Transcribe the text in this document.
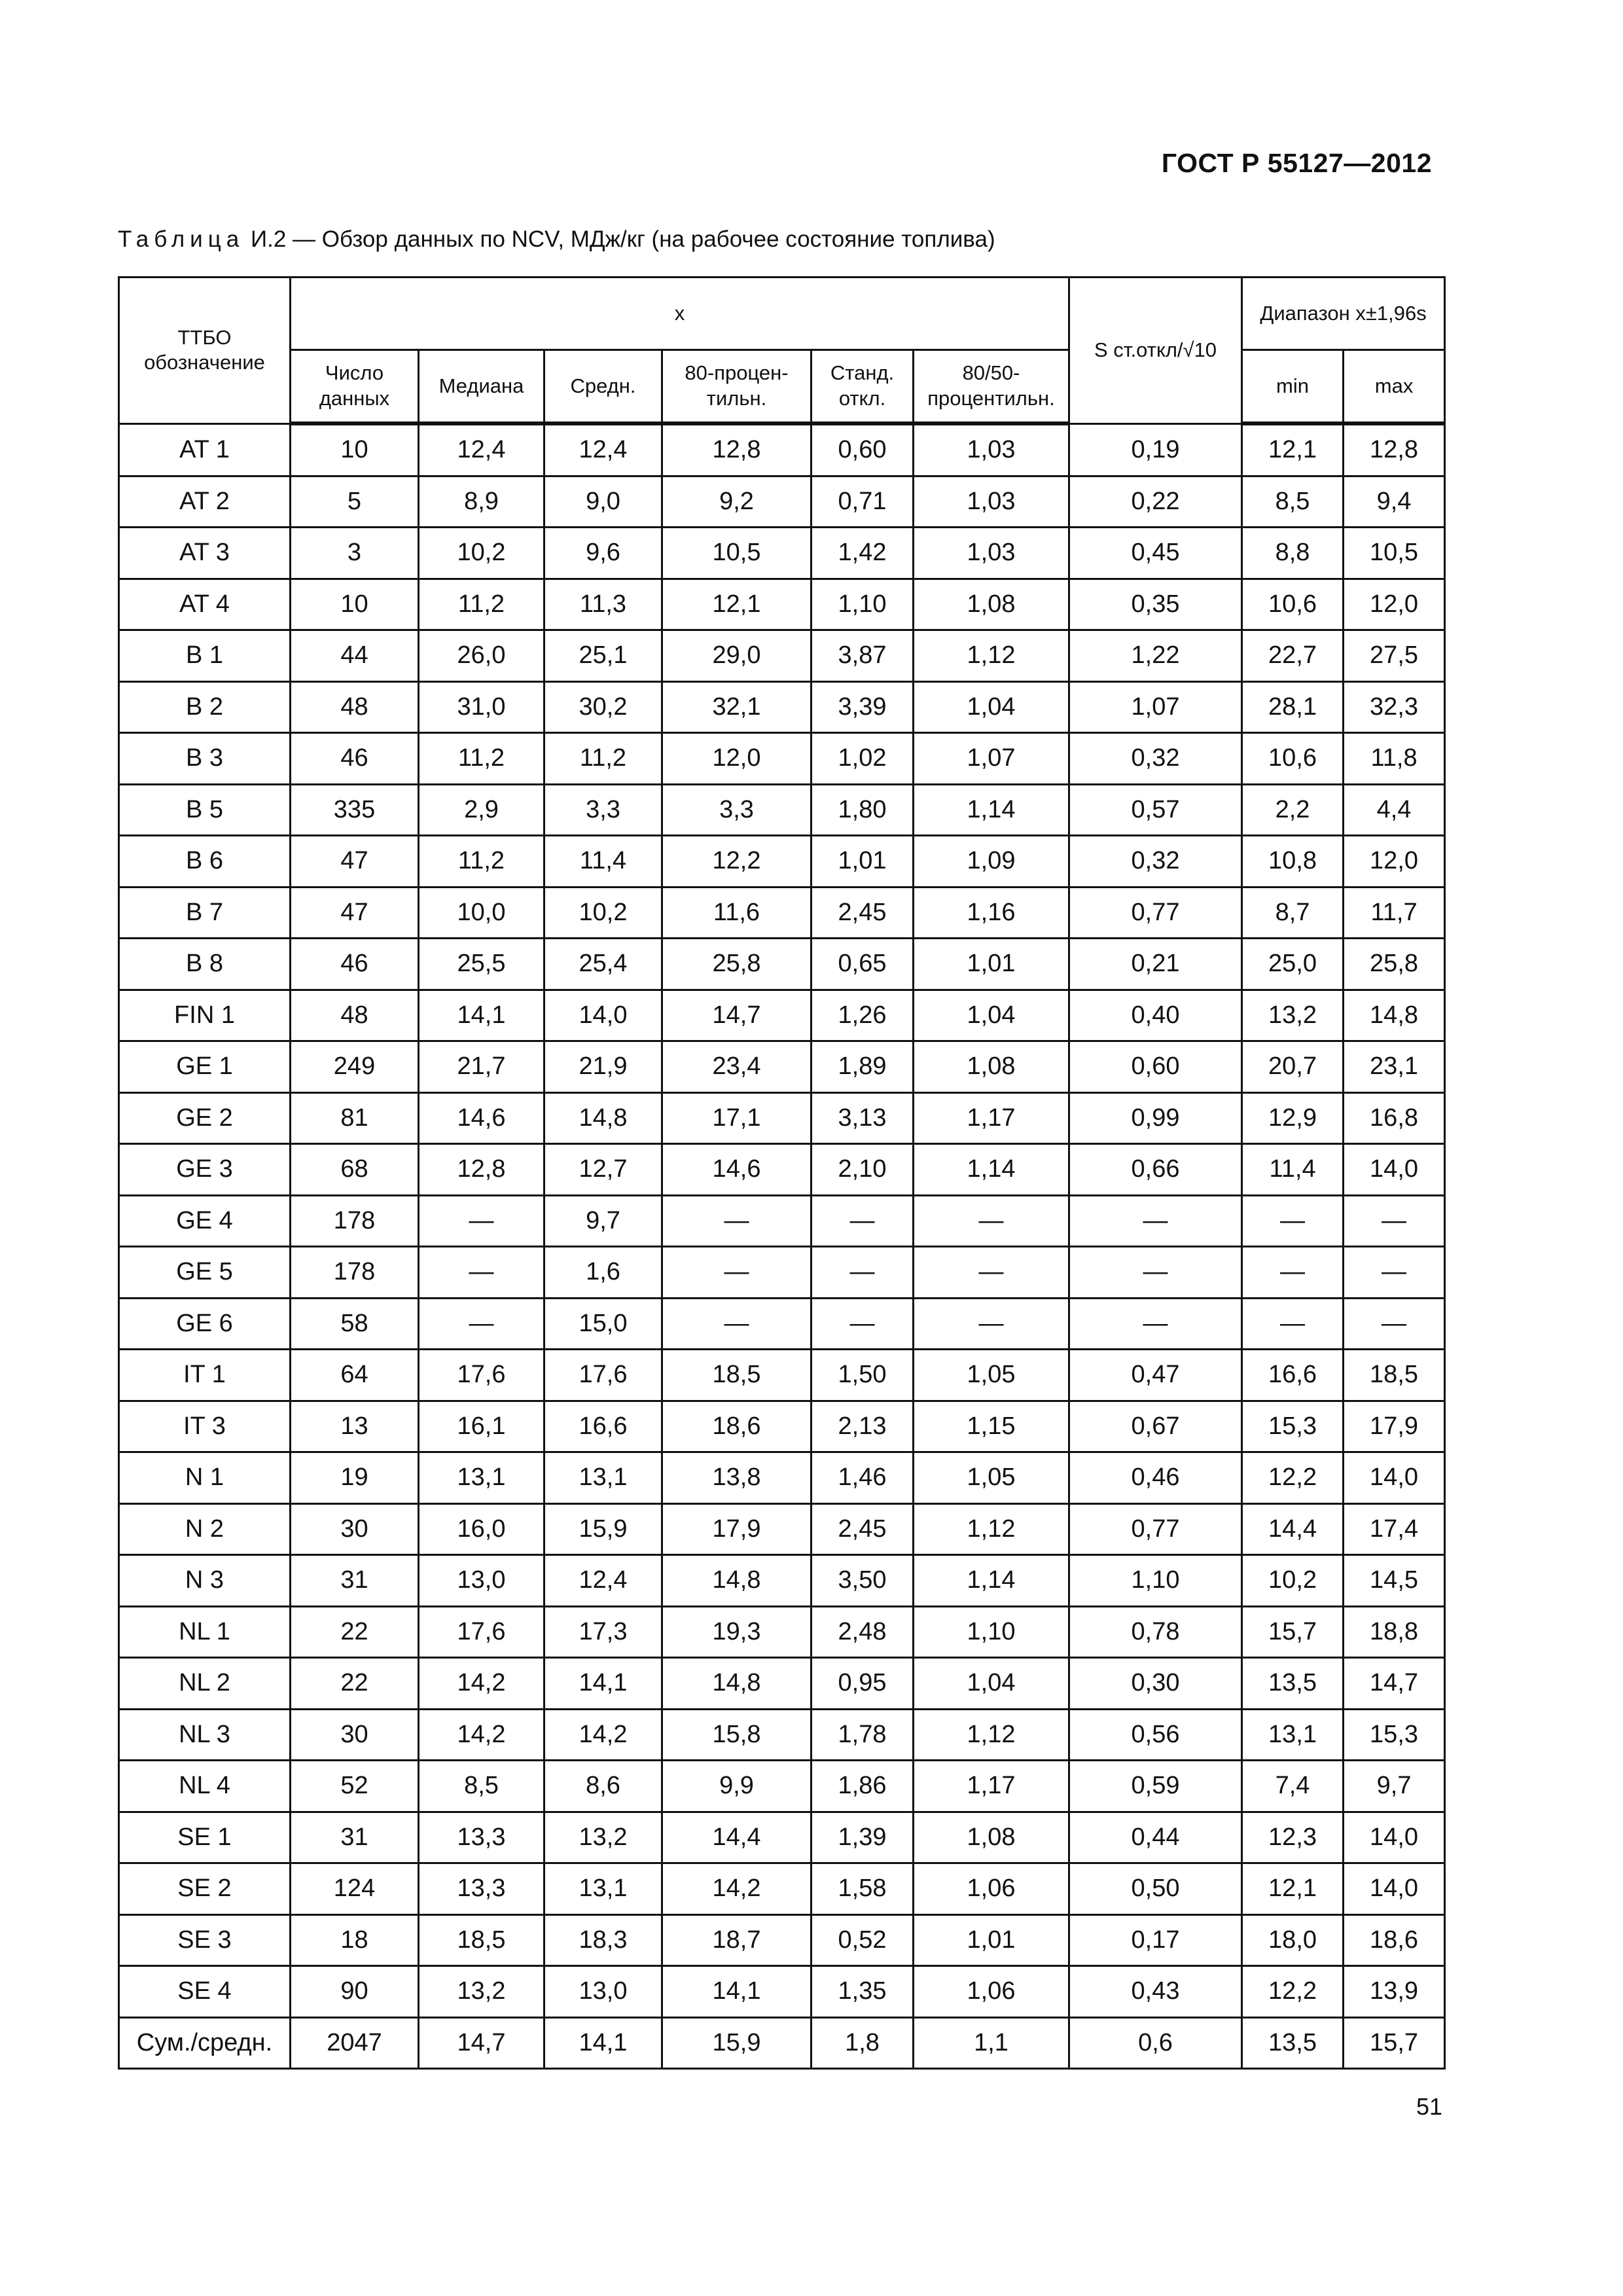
ГОСТ Р 55127—2012
Таблица И.2 — Обзор данных по NCV, МДж/кг (на рабочее состояние топлива)
ТТБО обозначение	x						S ст.откл/√10	Диапазон x±1,96s	
	Число данных	Медиана	Средн.	80-процен-тильн.	Станд. откл.	80/50-процентильн.		min	max
AT 1	10	12,4	12,4	12,8	0,60	1,03	0,19	12,1	12,8
AT 2	5	8,9	9,0	9,2	0,71	1,03	0,22	8,5	9,4
AT 3	3	10,2	9,6	10,5	1,42	1,03	0,45	8,8	10,5
AT 4	10	11,2	11,3	12,1	1,10	1,08	0,35	10,6	12,0
B 1	44	26,0	25,1	29,0	3,87	1,12	1,22	22,7	27,5
B 2	48	31,0	30,2	32,1	3,39	1,04	1,07	28,1	32,3
B 3	46	11,2	11,2	12,0	1,02	1,07	0,32	10,6	11,8
B 5	335	2,9	3,3	3,3	1,80	1,14	0,57	2,2	4,4
B 6	47	11,2	11,4	12,2	1,01	1,09	0,32	10,8	12,0
B 7	47	10,0	10,2	11,6	2,45	1,16	0,77	8,7	11,7
B 8	46	25,5	25,4	25,8	0,65	1,01	0,21	25,0	25,8
FIN 1	48	14,1	14,0	14,7	1,26	1,04	0,40	13,2	14,8
GE 1	249	21,7	21,9	23,4	1,89	1,08	0,60	20,7	23,1
GE 2	81	14,6	14,8	17,1	3,13	1,17	0,99	12,9	16,8
GE 3	68	12,8	12,7	14,6	2,10	1,14	0,66	11,4	14,0
GE 4	178	—	9,7	—	—	—	—	—	—
GE 5	178	—	1,6	—	—	—	—	—	—
GE 6	58	—	15,0	—	—	—	—	—	—
IT 1	64	17,6	17,6	18,5	1,50	1,05	0,47	16,6	18,5
IT 3	13	16,1	16,6	18,6	2,13	1,15	0,67	15,3	17,9
N 1	19	13,1	13,1	13,8	1,46	1,05	0,46	12,2	14,0
N 2	30	16,0	15,9	17,9	2,45	1,12	0,77	14,4	17,4
N 3	31	13,0	12,4	14,8	3,50	1,14	1,10	10,2	14,5
NL 1	22	17,6	17,3	19,3	2,48	1,10	0,78	15,7	18,8
NL 2	22	14,2	14,1	14,8	0,95	1,04	0,30	13,5	14,7
NL 3	30	14,2	14,2	15,8	1,78	1,12	0,56	13,1	15,3
NL 4	52	8,5	8,6	9,9	1,86	1,17	0,59	7,4	9,7
SE 1	31	13,3	13,2	14,4	1,39	1,08	0,44	12,3	14,0
SE 2	124	13,3	13,1	14,2	1,58	1,06	0,50	12,1	14,0
SE 3	18	18,5	18,3	18,7	0,52	1,01	0,17	18,0	18,6
SE 4	90	13,2	13,0	14,1	1,35	1,06	0,43	12,2	13,9
Сум./средн.	2047	14,7	14,1	15,9	1,8	1,1	0,6	13,5	15,7
51
